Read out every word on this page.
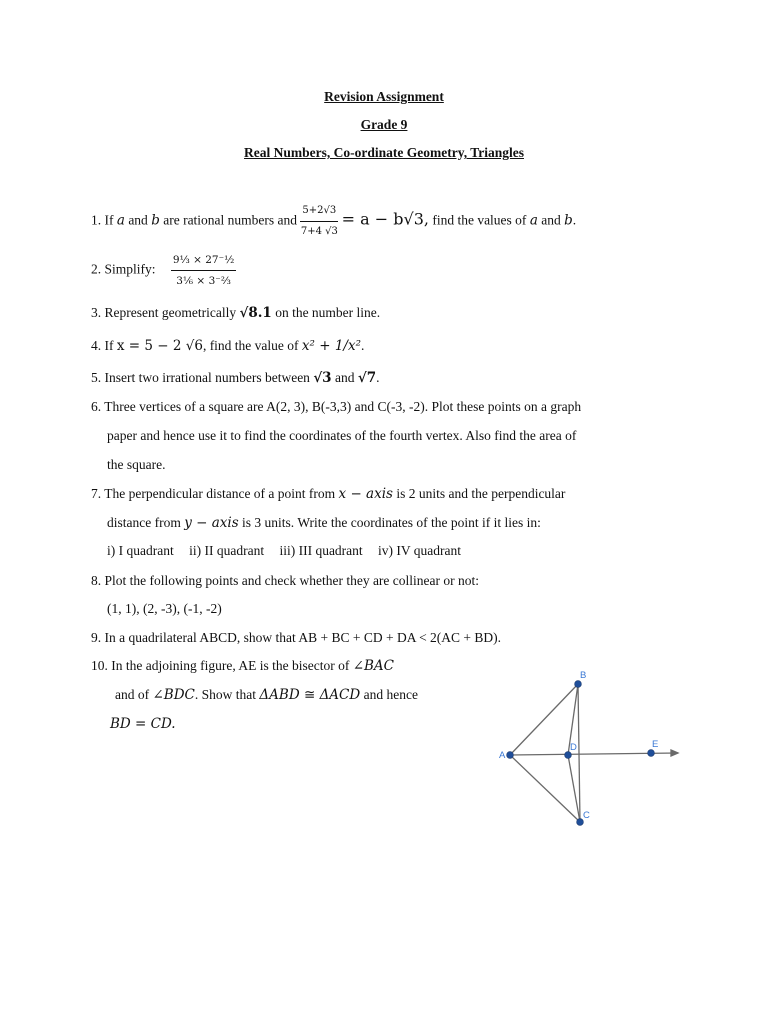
Revision Assignment
Grade 9
Real Numbers, Co-ordinate Geometry, Triangles
1. If a and b are rational numbers and $\frac{5+2√3}{7+4 √3} = a - b√3$, find the values of a and b.
2. Simplify: $\frac{\text{9⅓ × 27⁻½}}{\text{3⅙ × 3⁻⅔}}$
3. Represent geometrically √8.1 on the number line.
4. If x = 5 − 2 √6, find the value of x² + 1/x².
5. Insert two irrational numbers between √3 and √7.
6. Three vertices of a square are A(2, 3), B(-3,3) and C(-3, -2). Plot these points on a graph
paper and hence use it to find the coordinates of the fourth vertex. Also find the area of
the square.
7. The perpendicular distance of a point from x − axis is 2 units and the perpendicular
distance from y − axis is 3 units. Write the coordinates of the point if it lies in:
i) I quadrant ii) II quadrant iii) III quadrant iv) IV quadrant
8. Plot the following points and check whether they are collinear or not:
(1, 1), (2, -3), (-1, -2)
9. In a quadrilateral ABCD, show that AB + BC + CD + DA < 2(AC + BD).
10. In the adjoining figure, AE is the bisector of ∠BAC
and of ∠BDC. Show that ΔABD ≅ ΔACD and hence
BD = CD.
A
B
C
D	E
